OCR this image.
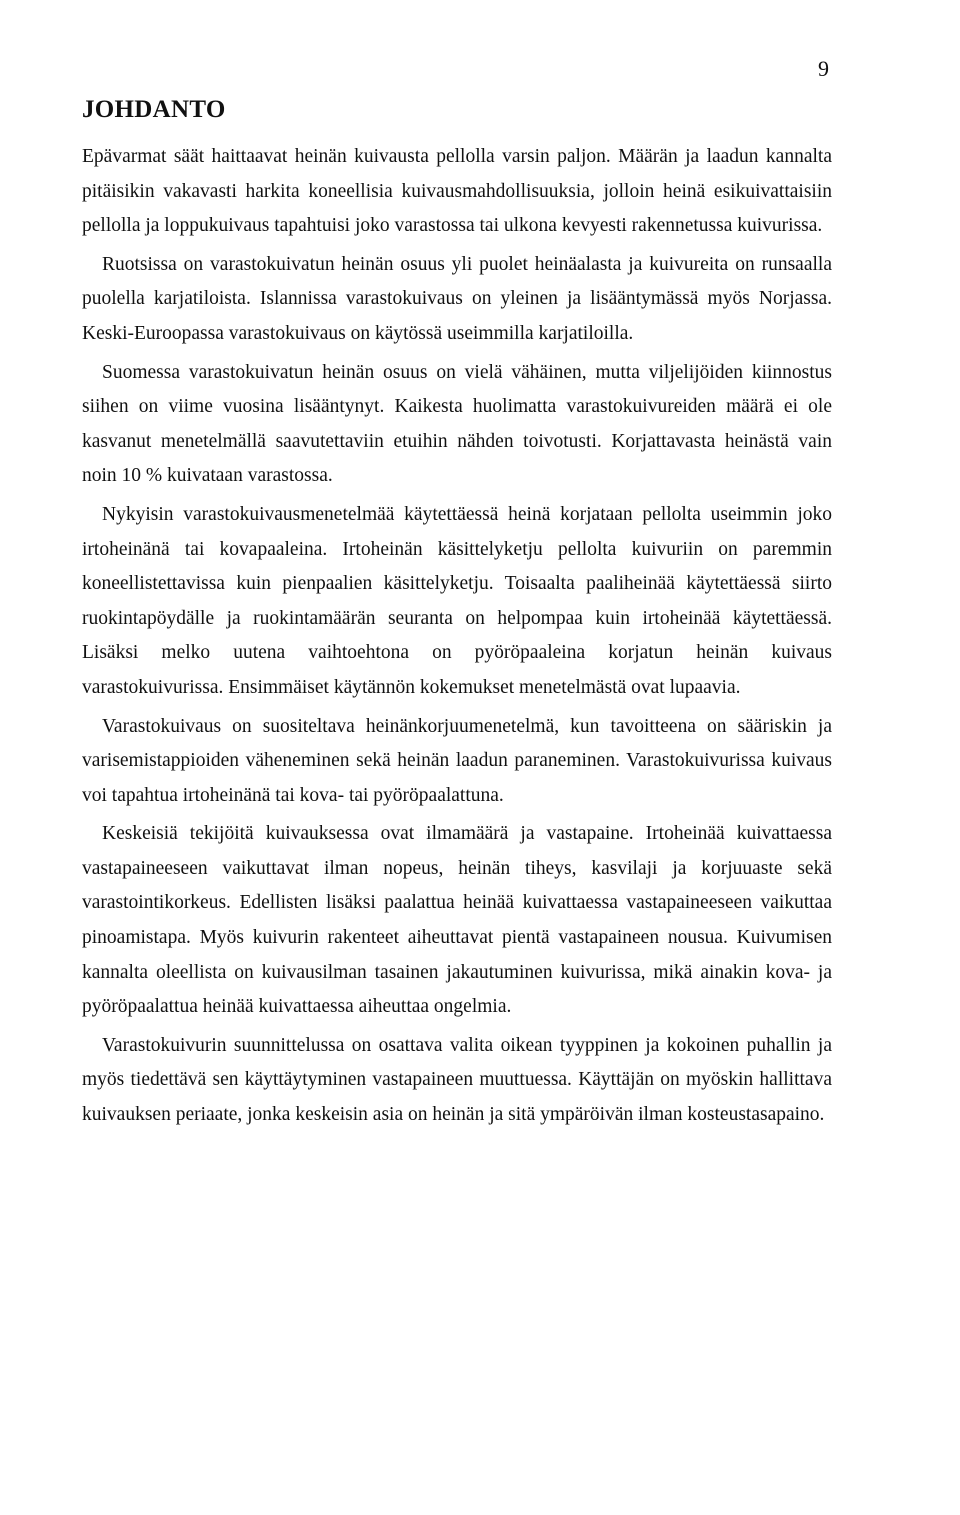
9
JOHDANTO

Epävarmat säät haittaavat heinän kuivausta pellolla varsin paljon. Määrän ja laadun kannalta pitäisikin vakavasti harkita koneellisia kuivausmahdollisuuksia, jolloin heinä esikuivattaisiin pellolla ja loppukuivaus tapahtuisi joko varastossa tai ulkona kevyesti rakennetussa kuivurissa.

Ruotsissa on varastokuivatun heinän osuus yli puolet heinäalasta ja kuivureita on runsaalla puolella karjatiloista. Islannissa varastokuivaus on yleinen ja lisääntymässä myös Norjassa. Keski-Euroopassa varastokuivaus on käytössä useimmilla karjatiloilla.

Suomessa varastokuivatun heinän osuus on vielä vähäinen, mutta viljelijöiden kiinnostus siihen on viime vuosina lisääntynyt. Kaikesta huolimatta varastokuivureiden määrä ei ole kasvanut menetelmällä saavutettaviin etuihin nähden toivotusti. Korjattavasta heinästä vain noin 10 % kuivataan varastossa.

Nykyisin varastokuivausmenetelmää käytettäessä heinä korjataan pellolta useimmin joko irtoheinänä tai kovapaaleina. Irtoheinän käsittelyketju pellolta kuivuriin on paremmin koneellistettavissa kuin pienpaalien käsittelyketju. Toisaalta paaliheinää käytettäessä siirto ruokintapöydälle ja ruokintamäärän seuranta on helpompaa kuin irtoheinää käytettäessä. Lisäksi melko uutena vaihtoehtona on pyöröpaaleina korjatun heinän kuivaus varastokuivurissa. Ensimmäiset käytännön kokemukset menetelmästä ovat lupaavia.

Varastokuivaus on suositeltava heinänkorjuumenetelmä, kun tavoitteena on sääriskin ja varisemistappioiden väheneminen sekä heinän laadun paraneminen. Varastokuivurissa kuivaus voi tapahtua irtoheinänä tai kova- tai pyöröpaalattuna.

Keskeisiä tekijöitä kuivauksessa ovat ilmamäärä ja vastapaine. Irtoheinää kuivattaessa vastapaineeseen vaikuttavat ilman nopeus, heinän tiheys, kasvilaji ja korjuuaste sekä varastointikorkeus. Edellisten lisäksi paalattua heinää kuivattaessa vastapaineeseen vaikuttaa pinoamistapa. Myös kuivurin rakenteet aiheuttavat pientä vastapaineen nousua. Kuivumisen kannalta oleellista on kuivausilman tasainen jakautuminen kuivurissa, mikä ainakin kova- ja pyöröpaalattua heinää kuivattaessa aiheuttaa ongelmia.

Varastokuivurin suunnittelussa on osattava valita oikean tyyppinen ja kokoinen puhallin ja myös tiedettävä sen käyttäytyminen vastapaineen muuttuessa. Käyttäjän on myöskin hallittava kuivauksen periaate, jonka keskeisin asia on heinän ja sitä ympäröivän ilman kosteustasapaino.
